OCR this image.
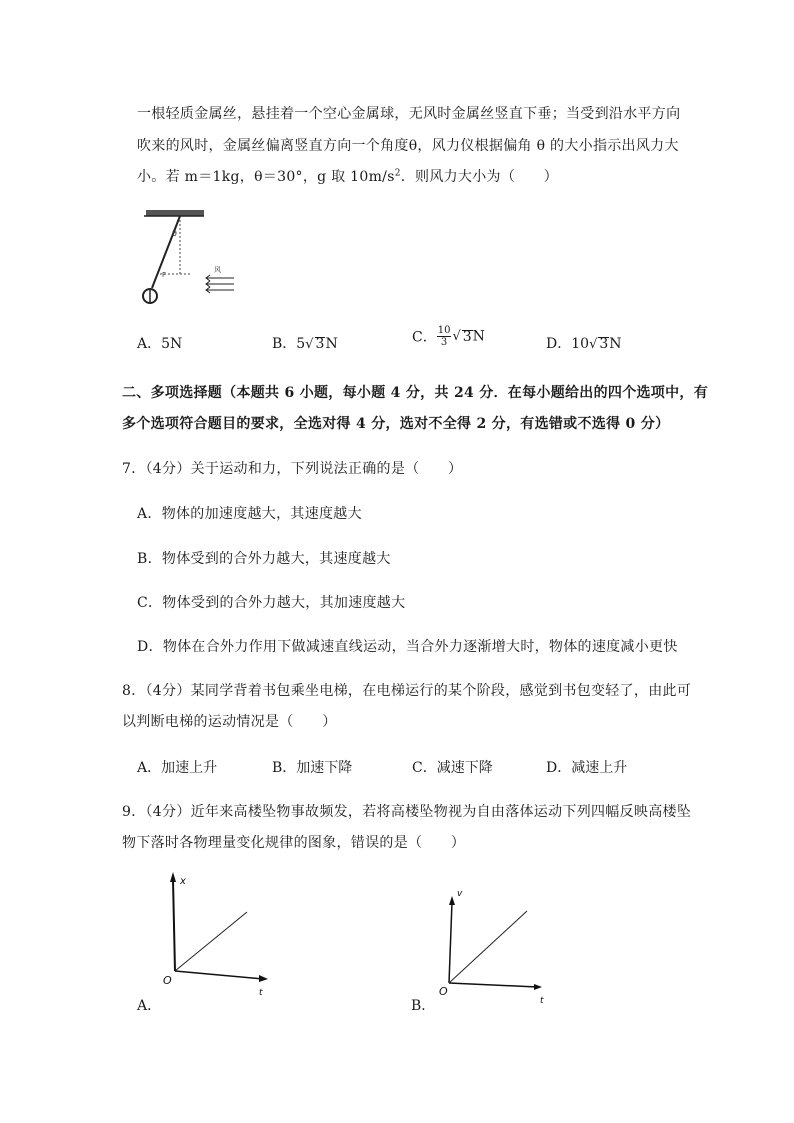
一根轻质金属丝，悬挂着一个空心金属球，无风时金属丝竖直下垂；当受到沿水平方向
吹来的风时，金属丝偏离竖直方向一个角度θ，风力仪根据偏角 θ 的大小指示出风力大
小。若 m＝1kg，θ＝30°，g 取 $10m/s^2$．则风力大小为（　　）
θ
F
风
A．5N	B．5√ 3N	C． $\frac{10}{3}$ √ 3N	D．10√ 3N
二、多项选择题（本题共 6 小题，每小题 4 分，共 24 分．在每小题给出的四个选项中，有
多个选项符合题目的要求，全选对得 4 分，选对不全得 2 分，有选错或不选得 0 分）
7．（4分）关于运动和力，下列说法正确的是（　　）
A．物体的加速度越大，其速度越大
B．物体受到的合外力越大，其速度越大
C．物体受到的合外力越大，其加速度越大
D．物体在合外力作用下做减速直线运动，当合外力逐渐增大时，物体的速度减小更快
8．（4分）某同学背着书包乘坐电梯，在电梯运行的某个阶段，感觉到书包变轻了，由此可
以判断电梯的运动情况是（　　）
A．加速上升	B．加速下降	C．减速下降	D．减速上升
9．（4分）近年来高楼坠物事故频发，若将高楼坠物视为自由落体运动下列四幅反映高楼坠
物下落时各物理量变化规律的图象，错误的是（　　）
x
t
O
A．
v
t
O
B．
